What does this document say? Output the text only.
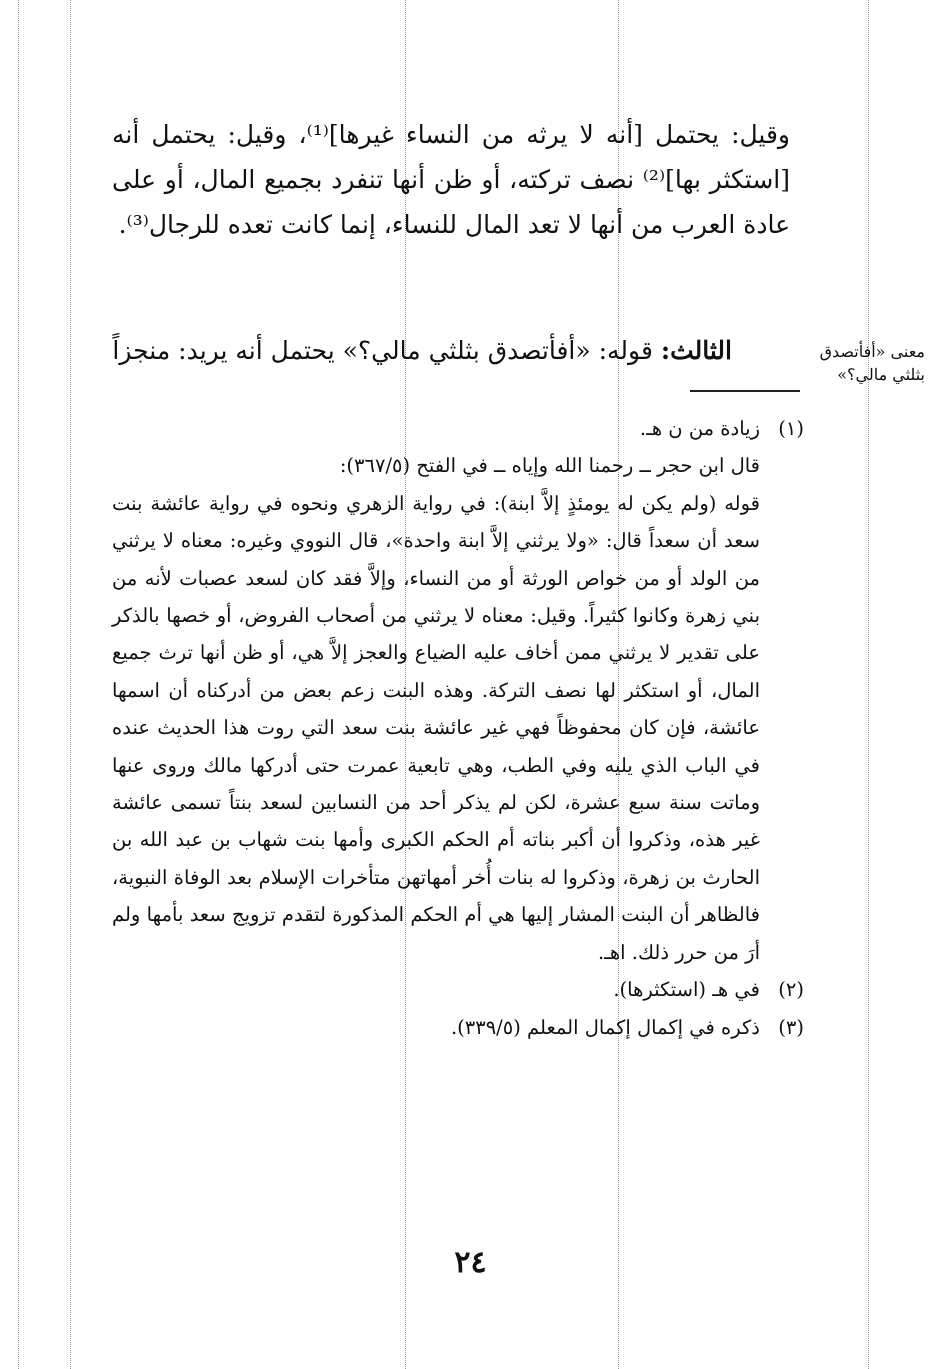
وقيل: يحتمل [أنه لا يرثه من النساء غيرها]⁽¹⁾، وقيل: يحتمل أنه [استكثر بها]⁽²⁾ نصف تركته، أو ظن أنها تنفرد بجميع المال، أو على عادة العرب من أنها لا تعد المال للنساء، إنما كانت تعده للرجال⁽³⁾.

الثالث: قوله: «أفأتصدق بثلثي مالي؟» يحتمل أنه يريد: منجزاً	معنى «أفأتصدق بثلثي مالي؟»
(١)

زيادة من ن هـ.

قال ابن حجر ــ رحمنا الله وإياه ــ في الفتح (٣٦٧/٥):

قوله (ولم يكن له يومئذٍ إلاَّ ابنة): في رواية الزهري ونحوه في رواية عائشة بنت سعد أن سعداً قال: «ولا يرثني إلاَّ ابنة واحدة»، قال النووي وغيره: معناه لا يرثني من الولد أو من خواص الورثة أو من النساء، وإلاَّ فقد كان لسعد عصبات لأنه من بني زهرة وكانوا كثيراً. وقيل: معناه لا يرثني من أصحاب الفروض، أو خصها بالذكر على تقدير لا يرثني ممن أخاف عليه الضياع والعجز إلاَّ هي، أو ظن أنها ترث جميع المال، أو استكثر لها نصف التركة. وهذه البنت زعم بعض من أدركناه أن اسمها عائشة، فإن كان محفوظاً فهي غير عائشة بنت سعد التي روت هذا الحديث عنده في الباب الذي يليه وفي الطب، وهي تابعية عمرت حتى أدركها مالك وروى عنها وماتت سنة سبع عشرة، لكن لم يذكر أحد من النسابين لسعد بنتاً تسمى عائشة غير هذه، وذكروا أن أكبر بناته أم الحكم الكبرى وأمها بنت شهاب بن عبد الله بن الحارث بن زهرة، وذكروا له بنات أُخر أمهاتهن متأخرات الإسلام بعد الوفاة النبوية، فالظاهر أن البنت المشار إليها هي أم الحكم المذكورة لتقدم تزويج سعد بأمها ولم أرَ من حرر ذلك. اهـ.

(٢)

في هـ (استكثرها).

(٣)

ذكره في إكمال إكمال المعلم (٣٣٩/٥).

٢٤
